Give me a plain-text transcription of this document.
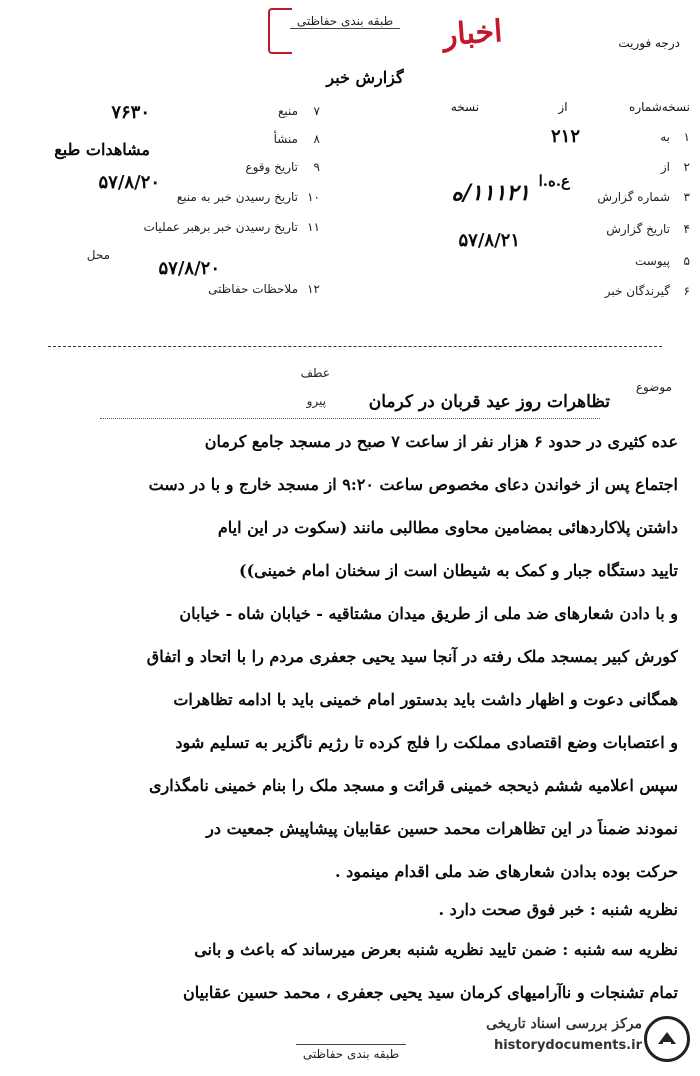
طبقه بندی حفاظتی	اخبار	درجه فوریت
گزارش خبر
نسخه‌شماره
از
نسخه
۱
به
۲۱۲
۲
از
ع.ه.ا
۳
شماره گزارش
۱۱۱۲۱/ه
۴
تاریخ گزارش
۵۷/۸/۲۱
۵
پیوست
۶
گیرندگان خبر
۷
منبع
۷۶۳۰
۸
منشأ
مشاهدات طبع
۹
تاریخ وقوع
۵۷/۸/۲۰
۱۰
تاریخ رسیدن خبر به منبع
۱۱
تاریخ رسیدن خبر برهبر عملیات
محل
۵۷/۸/۲۰
۱۲
ملاحظات حفاظتی
عطف
پیرو
موضوع
تظاهرات روز عید قربان در کرمان
عده کثیری در حدود ۶ هزار نفر از ساعت ۷ صبح در مسجد جامع کرمان
اجتماع پس از خواندن دعای مخصوص ساعت ۹:۲۰ از مسجد خارج و با در دست
داشتن پلاکاردهائی بمضامین محاوی مطالبی مانند (سکوت در این ایام
تایید دستگاه جبار و کمک به شیطان است از سخنان امام خمینی))
و با دادن شعارهای ضد ملی از طریق میدان مشتاقیه - خیابان شاه - خیابان
کورش کبیر بمسجد ملک رفته در آنجا سید یحیی جعفری مردم را با اتحاد و اتفاق
همگانی دعوت و اظهار داشت باید بدستور امام خمینی باید با ادامه تظاهرات
و اعتصابات وضع اقتصادی مملکت را فلج کرده تا رژیم ناگزیر به تسلیم شود
سپس اعلامیه ششم ذیحجه خمینی قرائت و مسجد ملک را بنام خمینی نامگذاری
نمودند ضمناً در این تظاهرات محمد حسین عقابیان پیشاپیش جمعیت در
حرکت بوده بدادن شعارهای ضد ملی اقدام مینمود .
نظریه شنبه : خبر فوق صحت دارد .
نظریه سه شنبه : ضمن تایید نظریه شنبه بعرض میرساند که باعث و بانی
تمام تشنجات و ناآرامیهای کرمان سید یحیی جعفری ، محمد حسین عقابیان
مرکز بررسی اسناد تاریخی
historydocuments.ir
طبقه بندی حفاظتی
